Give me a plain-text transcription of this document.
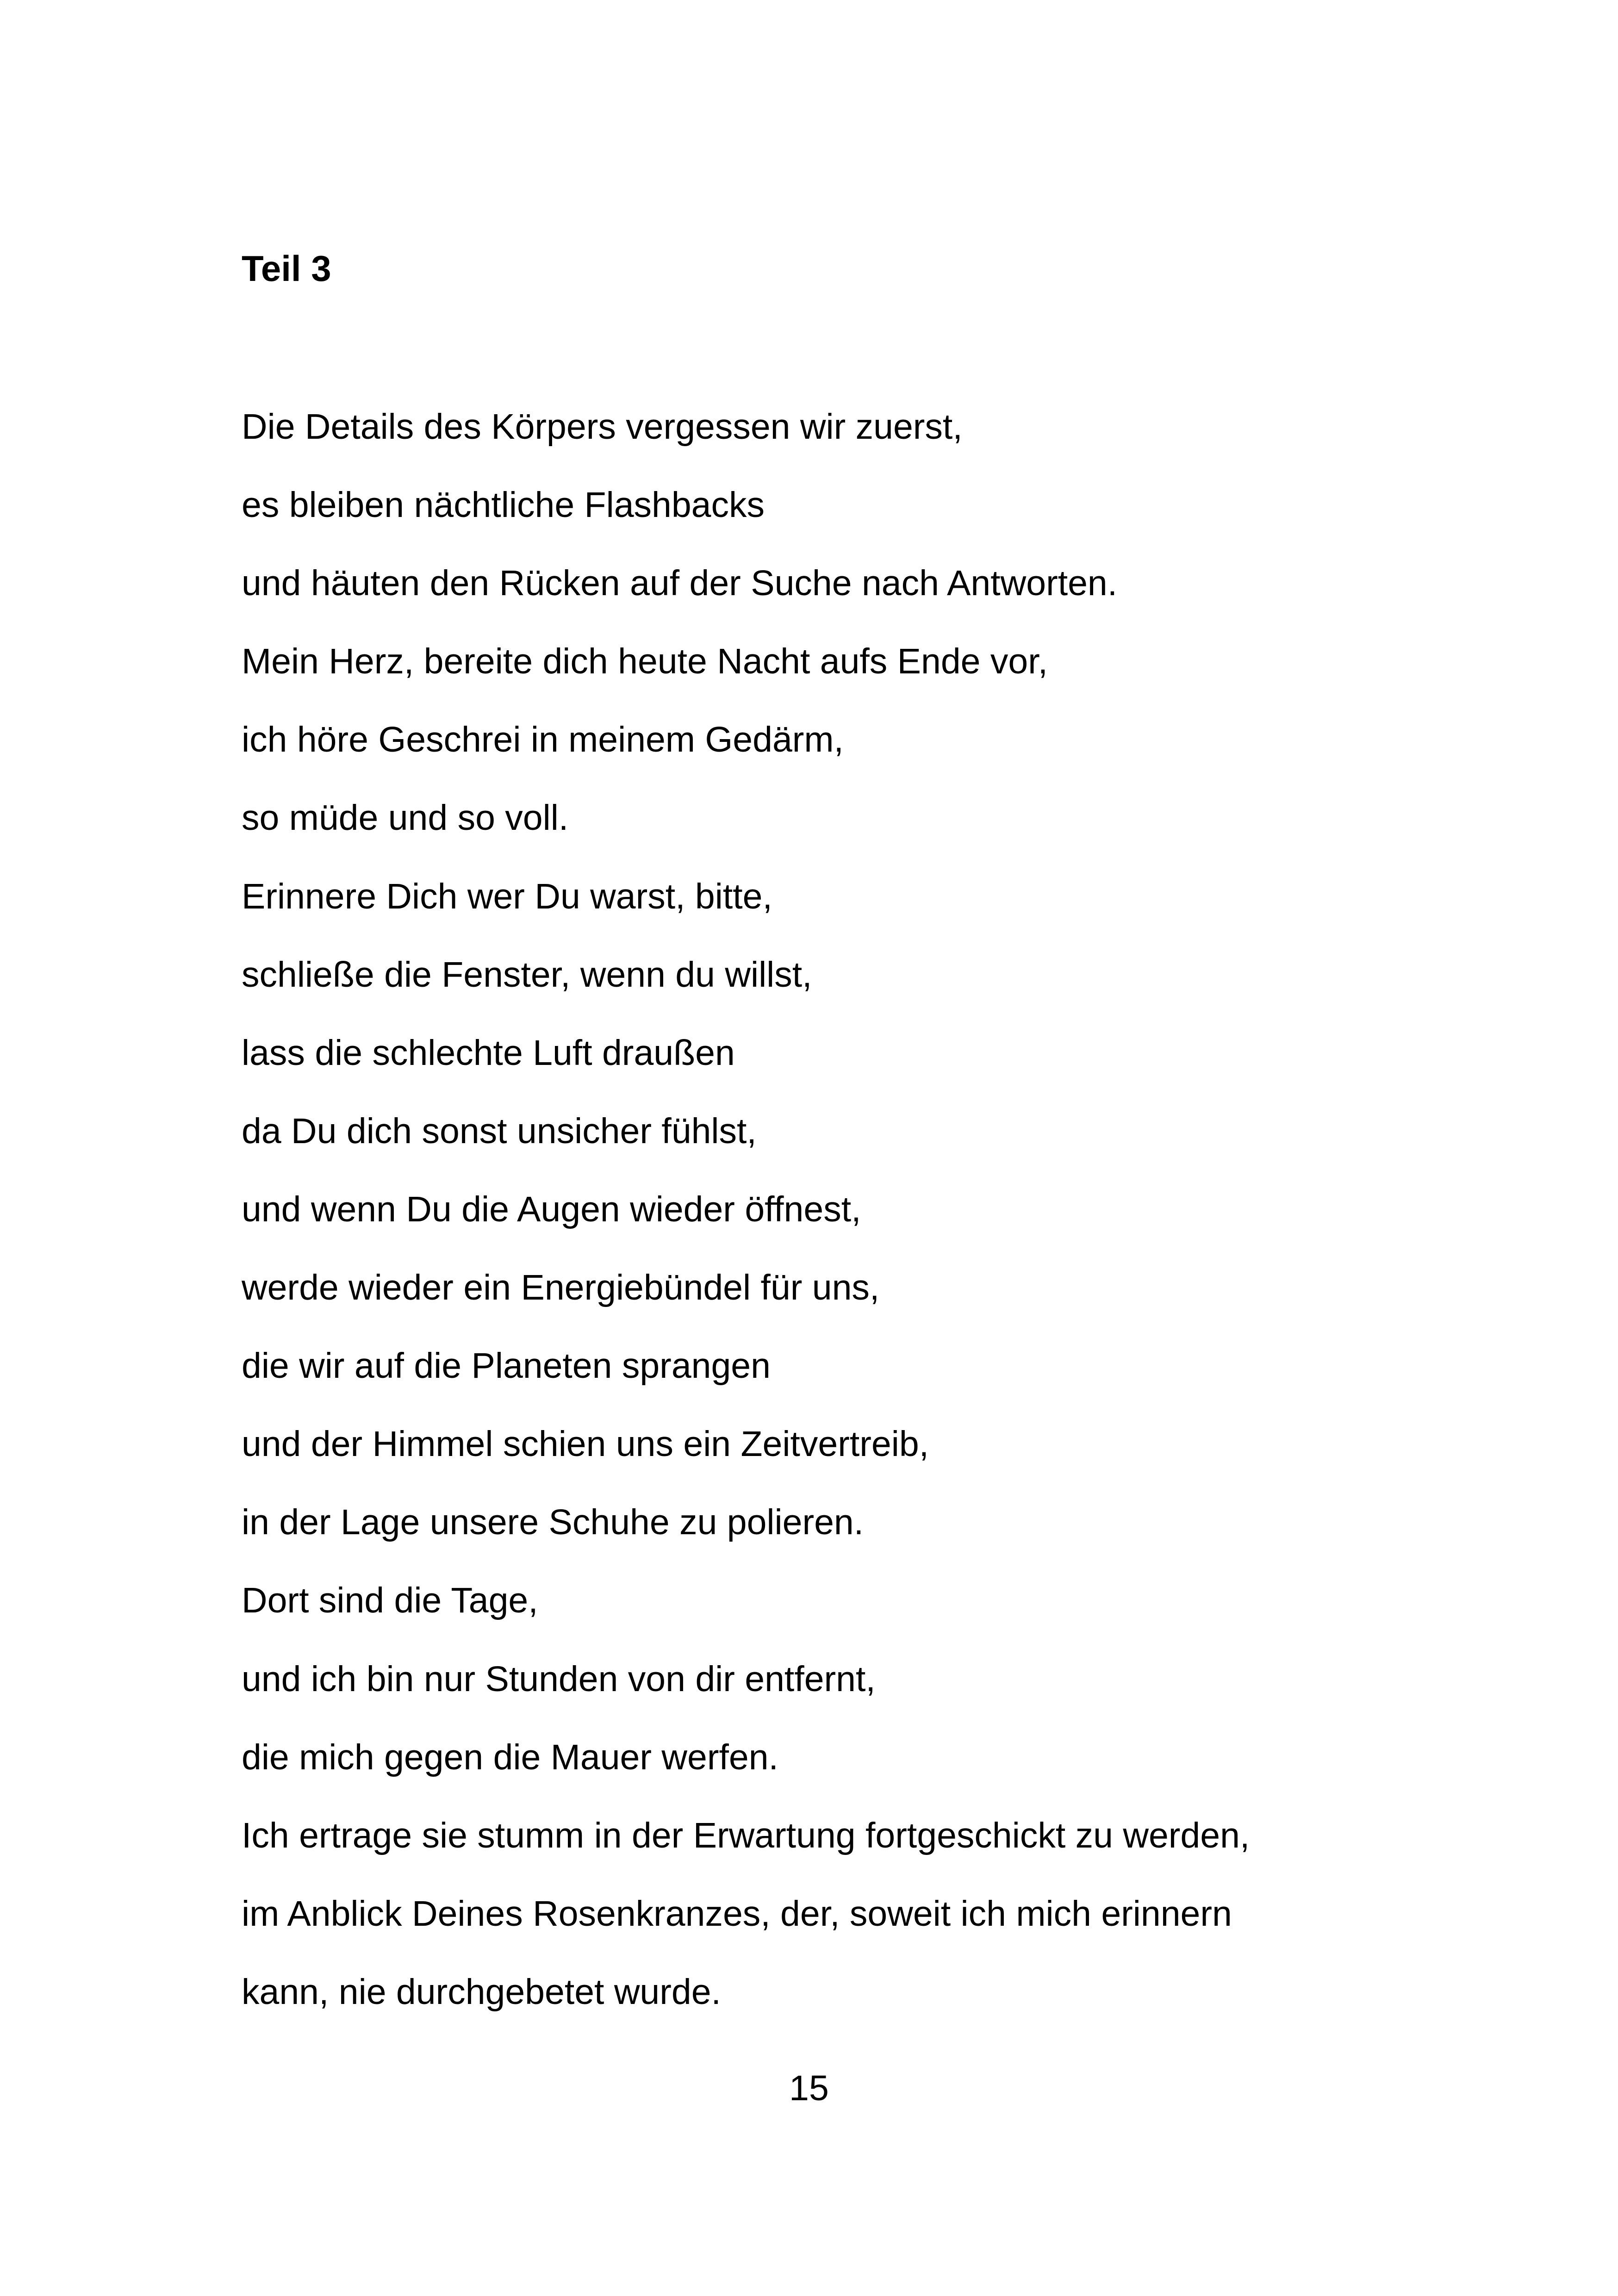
Teil 3
Die Details des Körpers vergessen wir zuerst,
es bleiben nächtliche Flashbacks
und häuten den Rücken auf der Suche nach Antworten.
Mein Herz, bereite dich heute Nacht aufs Ende vor,
ich höre Geschrei in meinem Gedärm,
so müde und so voll.
Erinnere Dich wer Du warst, bitte,
schließe die Fenster, wenn du willst,
lass die schlechte Luft draußen
da Du dich sonst unsicher fühlst,
und wenn Du die Augen wieder öffnest,
werde wieder ein Energiebündel für uns,
die wir auf die Planeten sprangen
und der Himmel schien uns ein Zeitvertreib,
in der Lage unsere Schuhe zu polieren.
Dort sind die Tage,
und ich bin nur Stunden von dir entfernt,
die mich gegen die Mauer werfen.
Ich ertrage sie stumm in der Erwartung fortgeschickt zu werden,
im Anblick Deines Rosenkranzes, der, soweit ich mich erinnern
kann, nie durchgebetet wurde.
15
